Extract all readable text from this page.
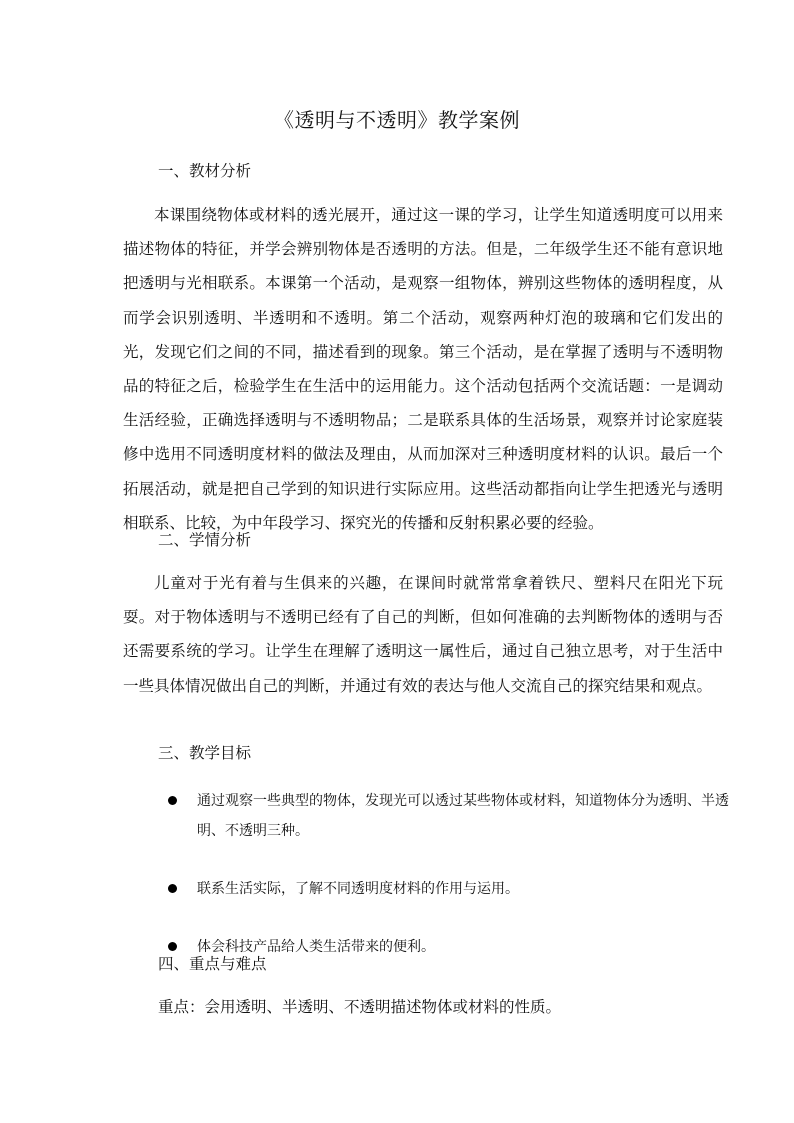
《透明与不透明》教学案例
一、教材分析

本课围绕物体或材料的透光展开，通过这一课的学习，让学生知道透明度可以用来描述物体的特征，并学会辨别物体是否透明的方法。但是，二年级学生还不能有意识地把透明与光相联系。本课第一个活动，是观察一组物体，辨别这些物体的透明程度，从而学会识别透明、半透明和不透明。第二个活动，观察两种灯泡的玻璃和它们发出的光，发现它们之间的不同，描述看到的现象。第三个活动，是在掌握了透明与不透明物品的特征之后，检验学生在生活中的运用能力。这个活动包括两个交流话题：一是调动生活经验，正确选择透明与不透明物品；二是联系具体的生活场景，观察并讨论家庭装修中选用不同透明度材料的做法及理由，从而加深对三种透明度材料的认识。最后一个拓展活动，就是把自己学到的知识进行实际应用。这些活动都指向让学生把透光与透明相联系、比较，为中年段学习、探究光的传播和反射积累必要的经验。

二、学情分析

儿童对于光有着与生俱来的兴趣，在课间时就常常拿着铁尺、塑料尺在阳光下玩耍。对于物体透明与不透明已经有了自己的判断，但如何准确的去判断物体的透明与否还需要系统的学习。让学生在理解了透明这一属性后，通过自己独立思考，对于生活中一些具体情况做出自己的判断，并通过有效的表达与他人交流自己的探究结果和观点。

三、教学目标
通过观察一些典型的物体，发现光可以透过某些物体或材料，知道物体分为透明、半透明、不透明三种。
联系生活实际，了解不同透明度材料的作用与运用。
体会科技产品给人类生活带来的便利。
四、重点与难点
重点：会用透明、半透明、不透明描述物体或材料的性质。
